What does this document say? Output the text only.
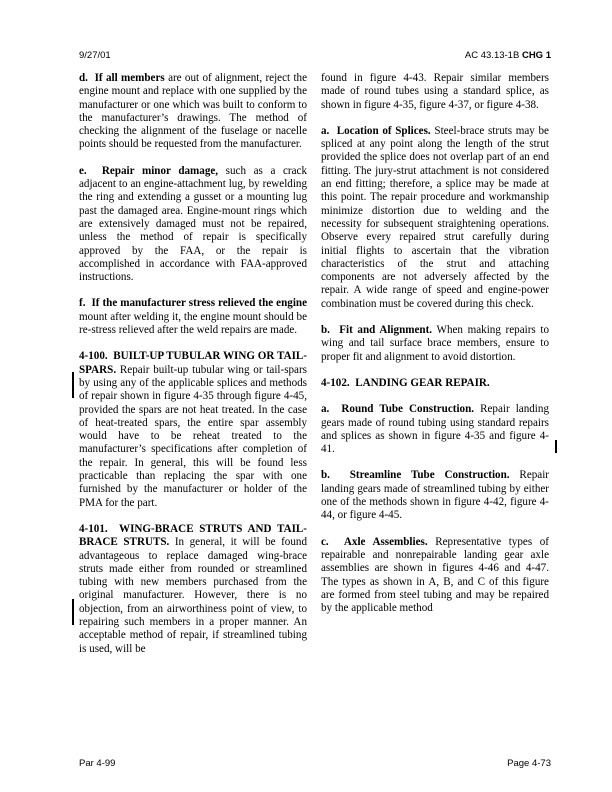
9/27/01	AC 43.13-1B CHG 1

d.  If all members are out of alignment, reject the engine mount and replace with one supplied by the manufacturer or one which was built to conform to the manufacturer’s drawings. The method of checking the alignment of the fuselage or nacelle points should be requested from the manufacturer.

e.  Repair minor damage, such as a crack adjacent to an engine-attachment lug, by rewelding the ring and extending a gusset or a mounting lug past the damaged area. Engine-mount rings which are extensively damaged must not be repaired, unless the method of repair is specifically approved by the FAA, or the repair is accomplished in accordance with FAA-approved instructions.

f.  If the manufacturer stress relieved the engine mount after welding it, the engine mount should be re-stress relieved after the weld repairs are made.

4-100.  BUILT-UP TUBULAR WING OR TAIL-SPARS. Repair built-up tubular wing or tail-spars by using any of the applicable splices and methods of repair shown in figure 4-35 through figure 4-45, provided the spars are not heat treated. In the case of heat-treated spars, the entire spar assembly would have to be reheat treated to the manufacturer’s specifications after completion of the repair. In general, this will be found less practicable than replacing the spar with one furnished by the manufacturer or holder of the PMA for the part.

4-101.  WING-BRACE STRUTS AND TAIL-BRACE STRUTS. In general, it will be found advantageous to replace damaged wing-brace struts made either from rounded or streamlined tubing with new members purchased from the original manufacturer. However, there is no objection, from an airworthiness point of view, to repairing such members in a proper manner. An acceptable method of repair, if streamlined tubing is used, will be

found in figure 4-43. Repair similar members made of round tubes using a standard splice, as shown in figure 4-35, figure 4-37, or figure 4-38.

a.  Location of Splices. Steel-brace struts may be spliced at any point along the length of the strut provided the splice does not overlap part of an end fitting. The jury-strut attachment is not considered an end fitting; therefore, a splice may be made at this point. The repair procedure and workmanship minimize distortion due to welding and the necessity for subsequent straightening operations. Observe every repaired strut carefully during initial flights to ascertain that the vibration characteristics of the strut and attaching components are not adversely affected by the repair. A wide range of speed and engine-power combination must be covered during this check.

b.  Fit and Alignment. When making repairs to wing and tail surface brace members, ensure to proper fit and alignment to avoid distortion.

4-102.  LANDING GEAR REPAIR.

a.  Round Tube Construction. Repair landing gears made of round tubing using standard repairs and splices as shown in figure 4-35 and figure 4-41.

b.  Streamline Tube Construction. Repair landing gears made of streamlined tubing by either one of the methods shown in figure 4-42, figure 4-44, or figure 4-45.

c.  Axle Assemblies. Representative types of repairable and nonrepairable landing gear axle assemblies are shown in figures 4-46 and 4-47. The types as shown in A, B, and C of this figure are formed from steel tubing and may be repaired by the applicable method

Par 4-99	Page 4-73
